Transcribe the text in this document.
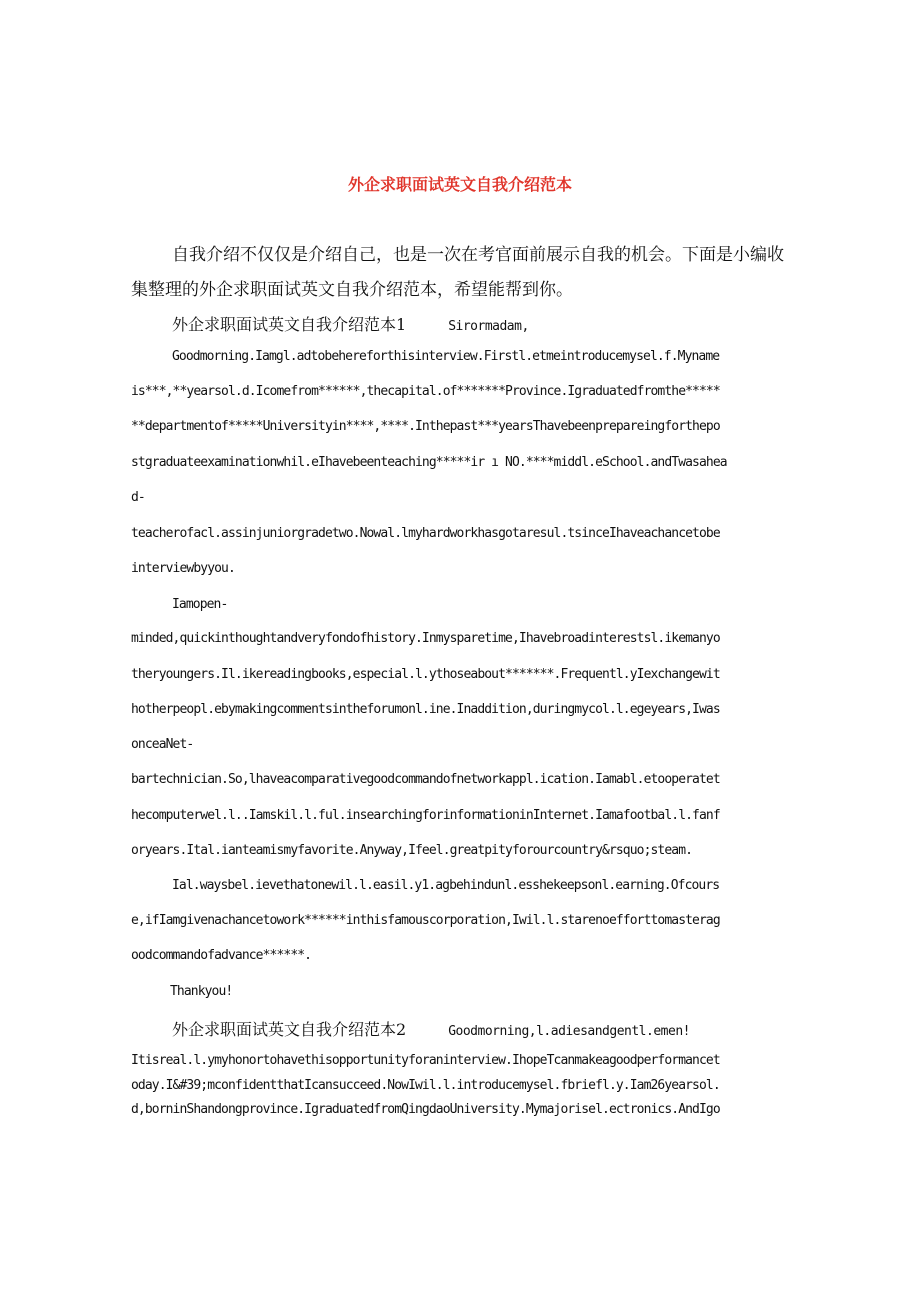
外企求职面试英文自我介绍范本

自我介绍不仅仅是介绍自己，也是一次在考官面前展示自我的机会。下面是小编收

集整理的外企求职面试英文自我介绍范本，希望能帮到你。

外企求职面试英文自我介绍范本1	Sirormadam,

Goodmorning.Iamgl.adtobehereforthisinterview.Firstl.etmeintroducemysel.f.Myname

is***,**yearsol.d.Icomefrom******,thecapital.of*******Province.Igraduatedfromthe*****

**departmentof*****Universityin****,****.Inthepast***yearsThavebeenprepareingforthepo

stgraduateexaminationwhil.eIhavebeenteaching*****ir ı NO.****middl.eSchool.andTwasahea

d-

teacherofacl.assinjuniorgradetwo.Nowal.lmyhardworkhasgotaresul.tsinceIhaveachancetobe

interviewbyyou.

Iamopen-

minded,quickinthoughtandveryfondofhistory.Inmysparetime,Ihavebroadinterestsl.ikemanyo

theryoungers.Il.ikereadingbooks,especial.l.ythoseabout*******.Frequentl.yIexchangewit

hotherpeopl.ebymakingcommentsintheforumonl.ine.Inaddition,duringmycol.l.egeyears,Iwas

onceaNet-

bartechnician.So,lhaveacomparativegoodcommandofnetworkappl.ication.Iamabl.etooperatet

hecomputerwel.l..Iamskil.l.ful.insearchingforinformationinInternet.Iamafootbal.l.fanf

oryears.Ital.ianteamismyfavorite.Anyway,Ifeel.greatpityforourcountry&rsquo;steam.

Ial.waysbel.ievethatonewil.l.easil.y1.agbehindunl.esshekeepsonl.earning.Ofcours

e,ifIamgivenachancetowork******inthisfamouscorporation,Iwil.l.starenoefforttomasterag

oodcommandofadvance******.

Thankyou!

外企求职面试英文自我介绍范本2	Goodmorning,l.adiesandgentl.emen!

Itisreal.l.ymyhonortohavethisopportunityforaninterview.IhopeTcanmakeagoodperformancet

oday.I&#39;mconfidentthatIcansucceed.NowIwil.l.introducemysel.fbriefl.y.Iam26yearsol.

d,borninShandongprovince.IgraduatedfromQingdaoUniversity.Mymajorisel.ectronics.AndIgo
